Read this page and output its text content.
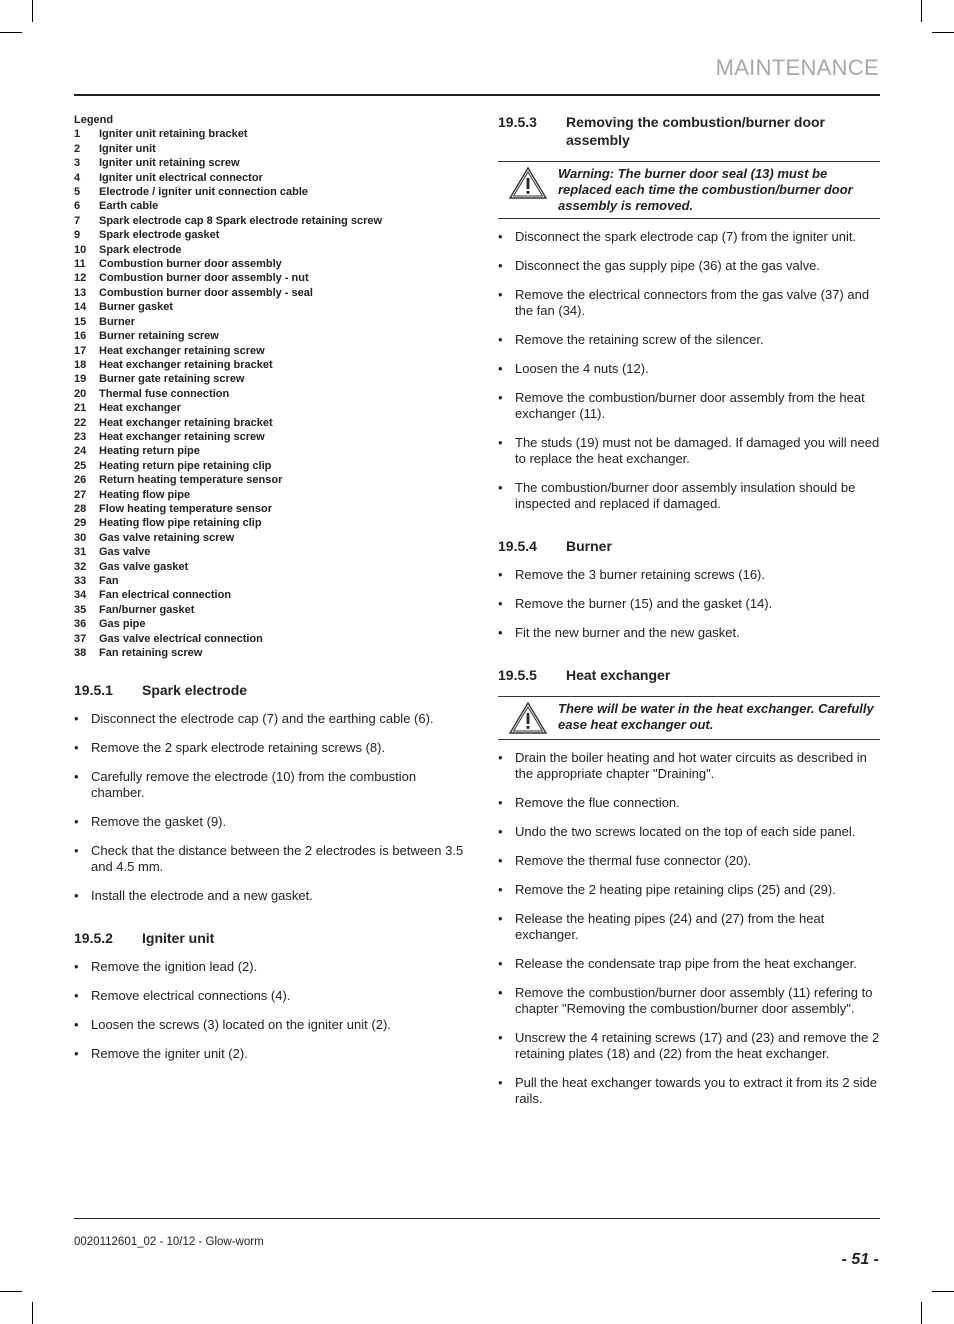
MAINTENANCE
Legend
1	Igniter unit retaining bracket
2	Igniter unit
3	Igniter unit retaining screw
4	Igniter unit electrical connector
5	Electrode / igniter unit connection cable
6	Earth cable
7	Spark electrode cap 8 Spark electrode retaining screw
9	Spark electrode gasket
10	Spark electrode
11	Combustion burner door assembly
12	Combustion burner door assembly - nut
13	Combustion burner door assembly - seal
14	Burner gasket
15	Burner
16	Burner retaining screw
17	Heat exchanger retaining screw
18	Heat exchanger retaining bracket
19	Burner gate retaining screw
20	Thermal fuse connection
21	Heat exchanger
22	Heat exchanger retaining bracket
23	Heat exchanger retaining screw
24	Heating return pipe
25	Heating return pipe retaining clip
26	Return heating temperature sensor
27	Heating flow pipe
28	Flow heating temperature sensor
29	Heating flow pipe retaining clip
30	Gas valve retaining screw
31	Gas valve
32	Gas valve gasket
33	Fan
34	Fan electrical connection
35	Fan/burner gasket
36	Gas pipe
37	Gas valve electrical connection
38	Fan retaining screw
19.5.1	Spark electrode
• Disconnect the electrode cap (7) and the earthing cable (6).
• Remove the 2 spark electrode retaining screws (8).
• Carefully remove the electrode (10) from the combustion chamber.
• Remove the gasket (9).
• Check that the distance between the 2 electrodes is between 3.5 and 4.5 mm.
• Install the electrode and a new gasket.
19.5.2	Igniter unit
• Remove the ignition lead (2).
• Remove electrical connections (4).
• Loosen the screws (3) located on the igniter unit (2).
• Remove the igniter unit (2).
19.5.3	Removing the combustion/burner door assembly
Warning: The burner door seal (13) must be replaced each time the combustion/burner door assembly is removed.
• Disconnect the spark electrode cap (7) from the igniter unit.
• Disconnect the gas supply pipe (36) at the gas valve.
• Remove the electrical connectors from the gas valve (37) and the fan (34).
• Remove the retaining screw of the silencer.
• Loosen the 4 nuts (12).
• Remove the combustion/burner door assembly from the heat exchanger (11).
• The studs (19) must not be damaged. If damaged you will need to replace the heat exchanger.
• The combustion/burner door assembly insulation should be inspected and replaced if damaged.
19.5.4	Burner
• Remove the 3 burner retaining screws (16).
• Remove the burner (15) and the gasket (14).
• Fit the new burner and the new gasket.
19.5.5	Heat exchanger
There will be water in the heat exchanger. Carefully ease heat exchanger out.
• Drain the boiler heating and hot water circuits as described in the appropriate chapter "Draining".
• Remove the flue connection.
• Undo the two screws located on the top of each side panel.
• Remove the thermal fuse connector (20).
• Remove the 2 heating pipe retaining clips (25) and (29).
• Release the heating pipes (24) and (27) from the heat exchanger.
• Release the condensate trap pipe from the heat exchanger.
• Remove the combustion/burner door assembly (11) refering to chapter "Removing the combustion/burner door assembly".
• Unscrew the 4 retaining screws (17) and (23) and remove the 2 retaining plates (18) and (22) from the heat exchanger.
• Pull the heat exchanger towards you to extract it from its 2 side rails.
0020112601_02 - 10/12 - Glow-worm
- 51 -
